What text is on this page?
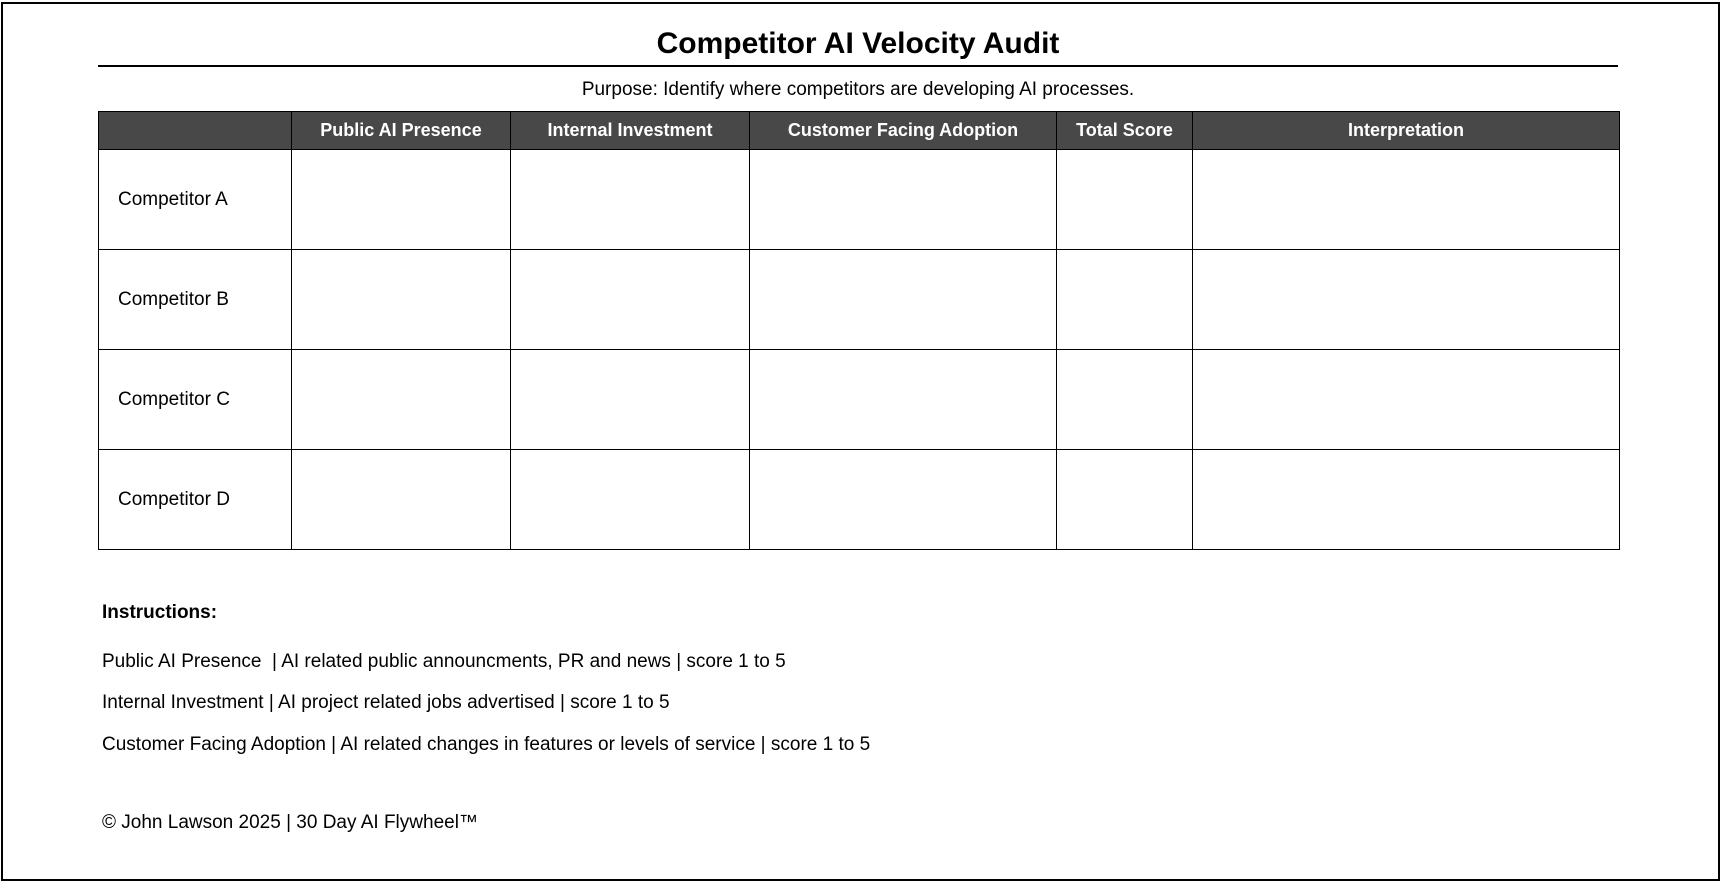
Competitor AI Velocity Audit
Purpose: Identify where competitors are developing AI processes.
	Public AI Presence	Internal Investment	Customer Facing Adoption	Total Score	Interpretation
Competitor A					
Competitor B					
Competitor C					
Competitor D					
Instructions:
Public AI Presence  | AI related public announcments, PR and news | score 1 to 5
Internal Investment | AI project related jobs advertised | score 1 to 5
Customer Facing Adoption | AI related changes in features or levels of service | score 1 to 5
© John Lawson 2025 | 30 Day AI Flywheel™
